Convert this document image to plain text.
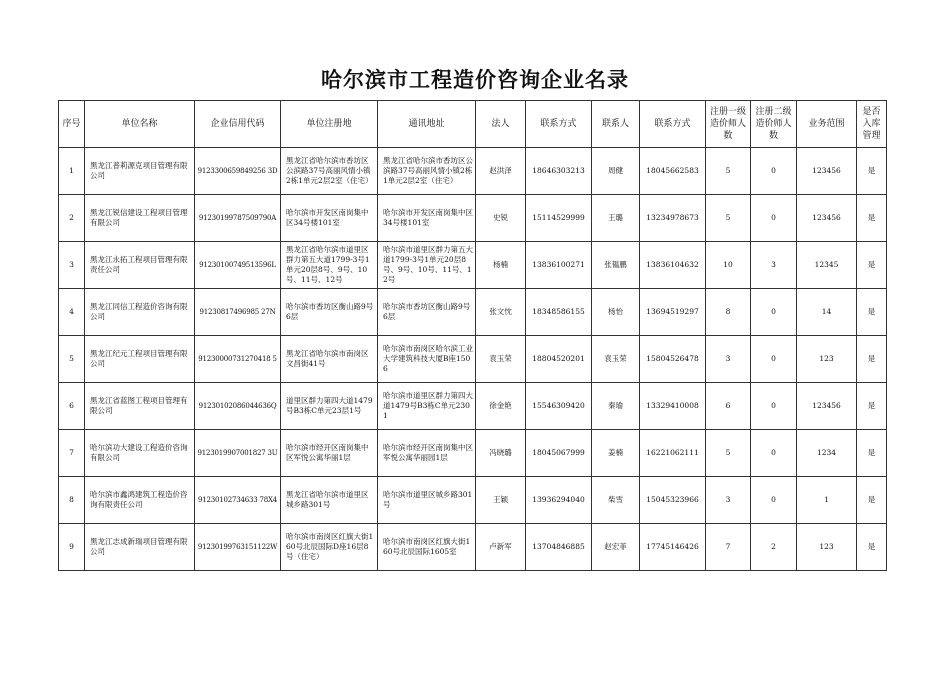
哈尔滨市工程造价咨询企业名录
序号	单位名称	企业信用代码	单位注册地	通讯地址	法人	联系方式	联系人	联系方式	注册一级造价师人数	注册二级造价师人数	业务范围	是否入库管理
1	黑龙江普莉源克项目管理有限公司	9123300659849256 3D	黑龙江省哈尔滨市香坊区公滨路37号高丽风情小镇2栋1单元2层2室（住宅）	黑龙江省哈尔滨市香坊区公滨路37号高丽风情小镇2栋1单元2层2室（住宅）	赵洪泽	18646303213	周健	18045662583	5	0	123456	是
2	黑龙江锐信建设工程项目管理有限公司	91230199787509790A	哈尔滨市开发区南岗集中区34号楼101室	哈尔滨市开发区南岗集中区34号楼101室	史锐	15114529999	王璐	13234978673	5	0	123456	是
3	黑龙江永拓工程项目管理有限责任公司	91230100749513596L	黑龙江省哈尔滨市道里区群力第五大道1799-3号1单元20层8号、9号、10号、11号、12号	哈尔滨市道里区群力第五大道1799-3号1单元20层8号、9号、10号、11号、12号	杨楠	13836100271	张韫鹏	13836104632	10	3	12345	是
4	黑龙江同信工程造价咨询有限公司	91230817496985 27N	哈尔滨市香坊区衡山路9号6层	哈尔滨市香坊区衡山路9号6层	张文忱	18348586155	杨怡	13694519297	8	0	14	是
5	黑龙江纪元工程项目管理有限公司	91230000731270418 5	黑龙江省哈尔滨市南岗区文昌街41号	哈尔滨市南岗区哈尔滨工业大学建筑科技大厦B座1506	袁玉荣	18804520201	袁玉荣	15804526478	3	0	123	是
6	黑龙江省蓝图工程项目管理有限公司	91230102086044636Q	道里区群力第四大道1479号B3栋C单元23层1号	哈尔滨市道里区群力第四大道1479号B3栋C单元2301	徐金艳	15546309420	秦瑜	13329410008	6	0	123456	是
7	哈尔滨功大建设工程造价咨询有限公司	9123019907001827 3U	哈尔滨市经开区南岗集中区军悦公寓华丽1层	哈尔滨市经开区南岗集中区军悦公寓华丽园1层	冯晓璐	18045067999	姜楠	16221062111	5	0	1234	是
8	哈尔滨市鑫鸿建筑工程造价咨询有限责任公司	91230102734633 78X4	黑龙江省哈尔滨市道里区城乡路301号	哈尔滨市道里区城乡路301号	王颖	13936294040	柴雪	15045323966	3	0	1	是
9	黑龙江志成新瑞项目管理有限公司	91230199763151122W	哈尔滨市南岗区红旗大街160号北辰国际D座16层8号（住宅）	哈尔滨市南岗区红旗大街160号北辰国际1605室	卢新军	13704846885	赵宏菲	17745146426	7	2	123	是
